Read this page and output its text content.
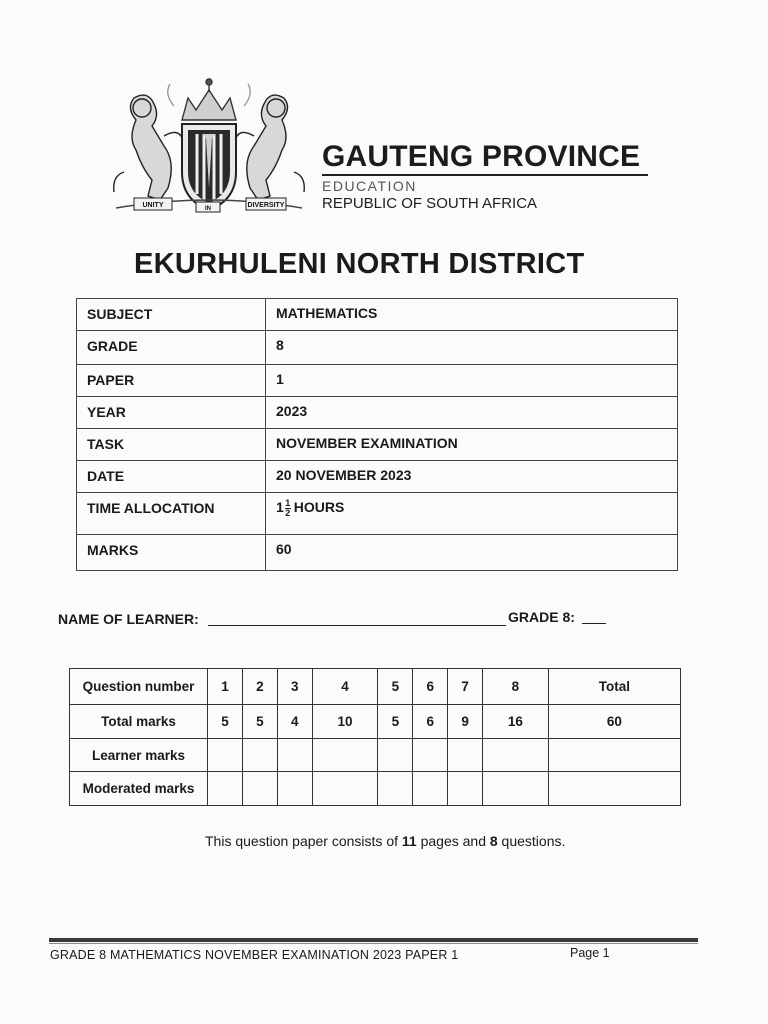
UNITY	IN	DIVERSITY
GAUTENG PROVINCE
EDUCATION
REPUBLIC OF SOUTH AFRICA
EKURHULENI NORTH DISTRICT
SUBJECT	MATHEMATICS
GRADE	8
PAPER	1
YEAR	2023
TASK	NOVEMBER EXAMINATION
DATE	20 NOVEMBER 2023
TIME ALLOCATION	$1 \frac{1}{2}$ HOURS
MARKS	60
NAME OF LEARNER:	GRADE 8:
Question number	1	2	3	4	5	6	7	8	Total
Total marks	5	5	4	10	5	6	9	16	60
Learner marks									
Moderated marks									
This question paper consists of 11 pages and 8 questions.
GRADE 8 MATHEMATICS NOVEMBER EXAMINATION 2023 PAPER 1	Page 1
